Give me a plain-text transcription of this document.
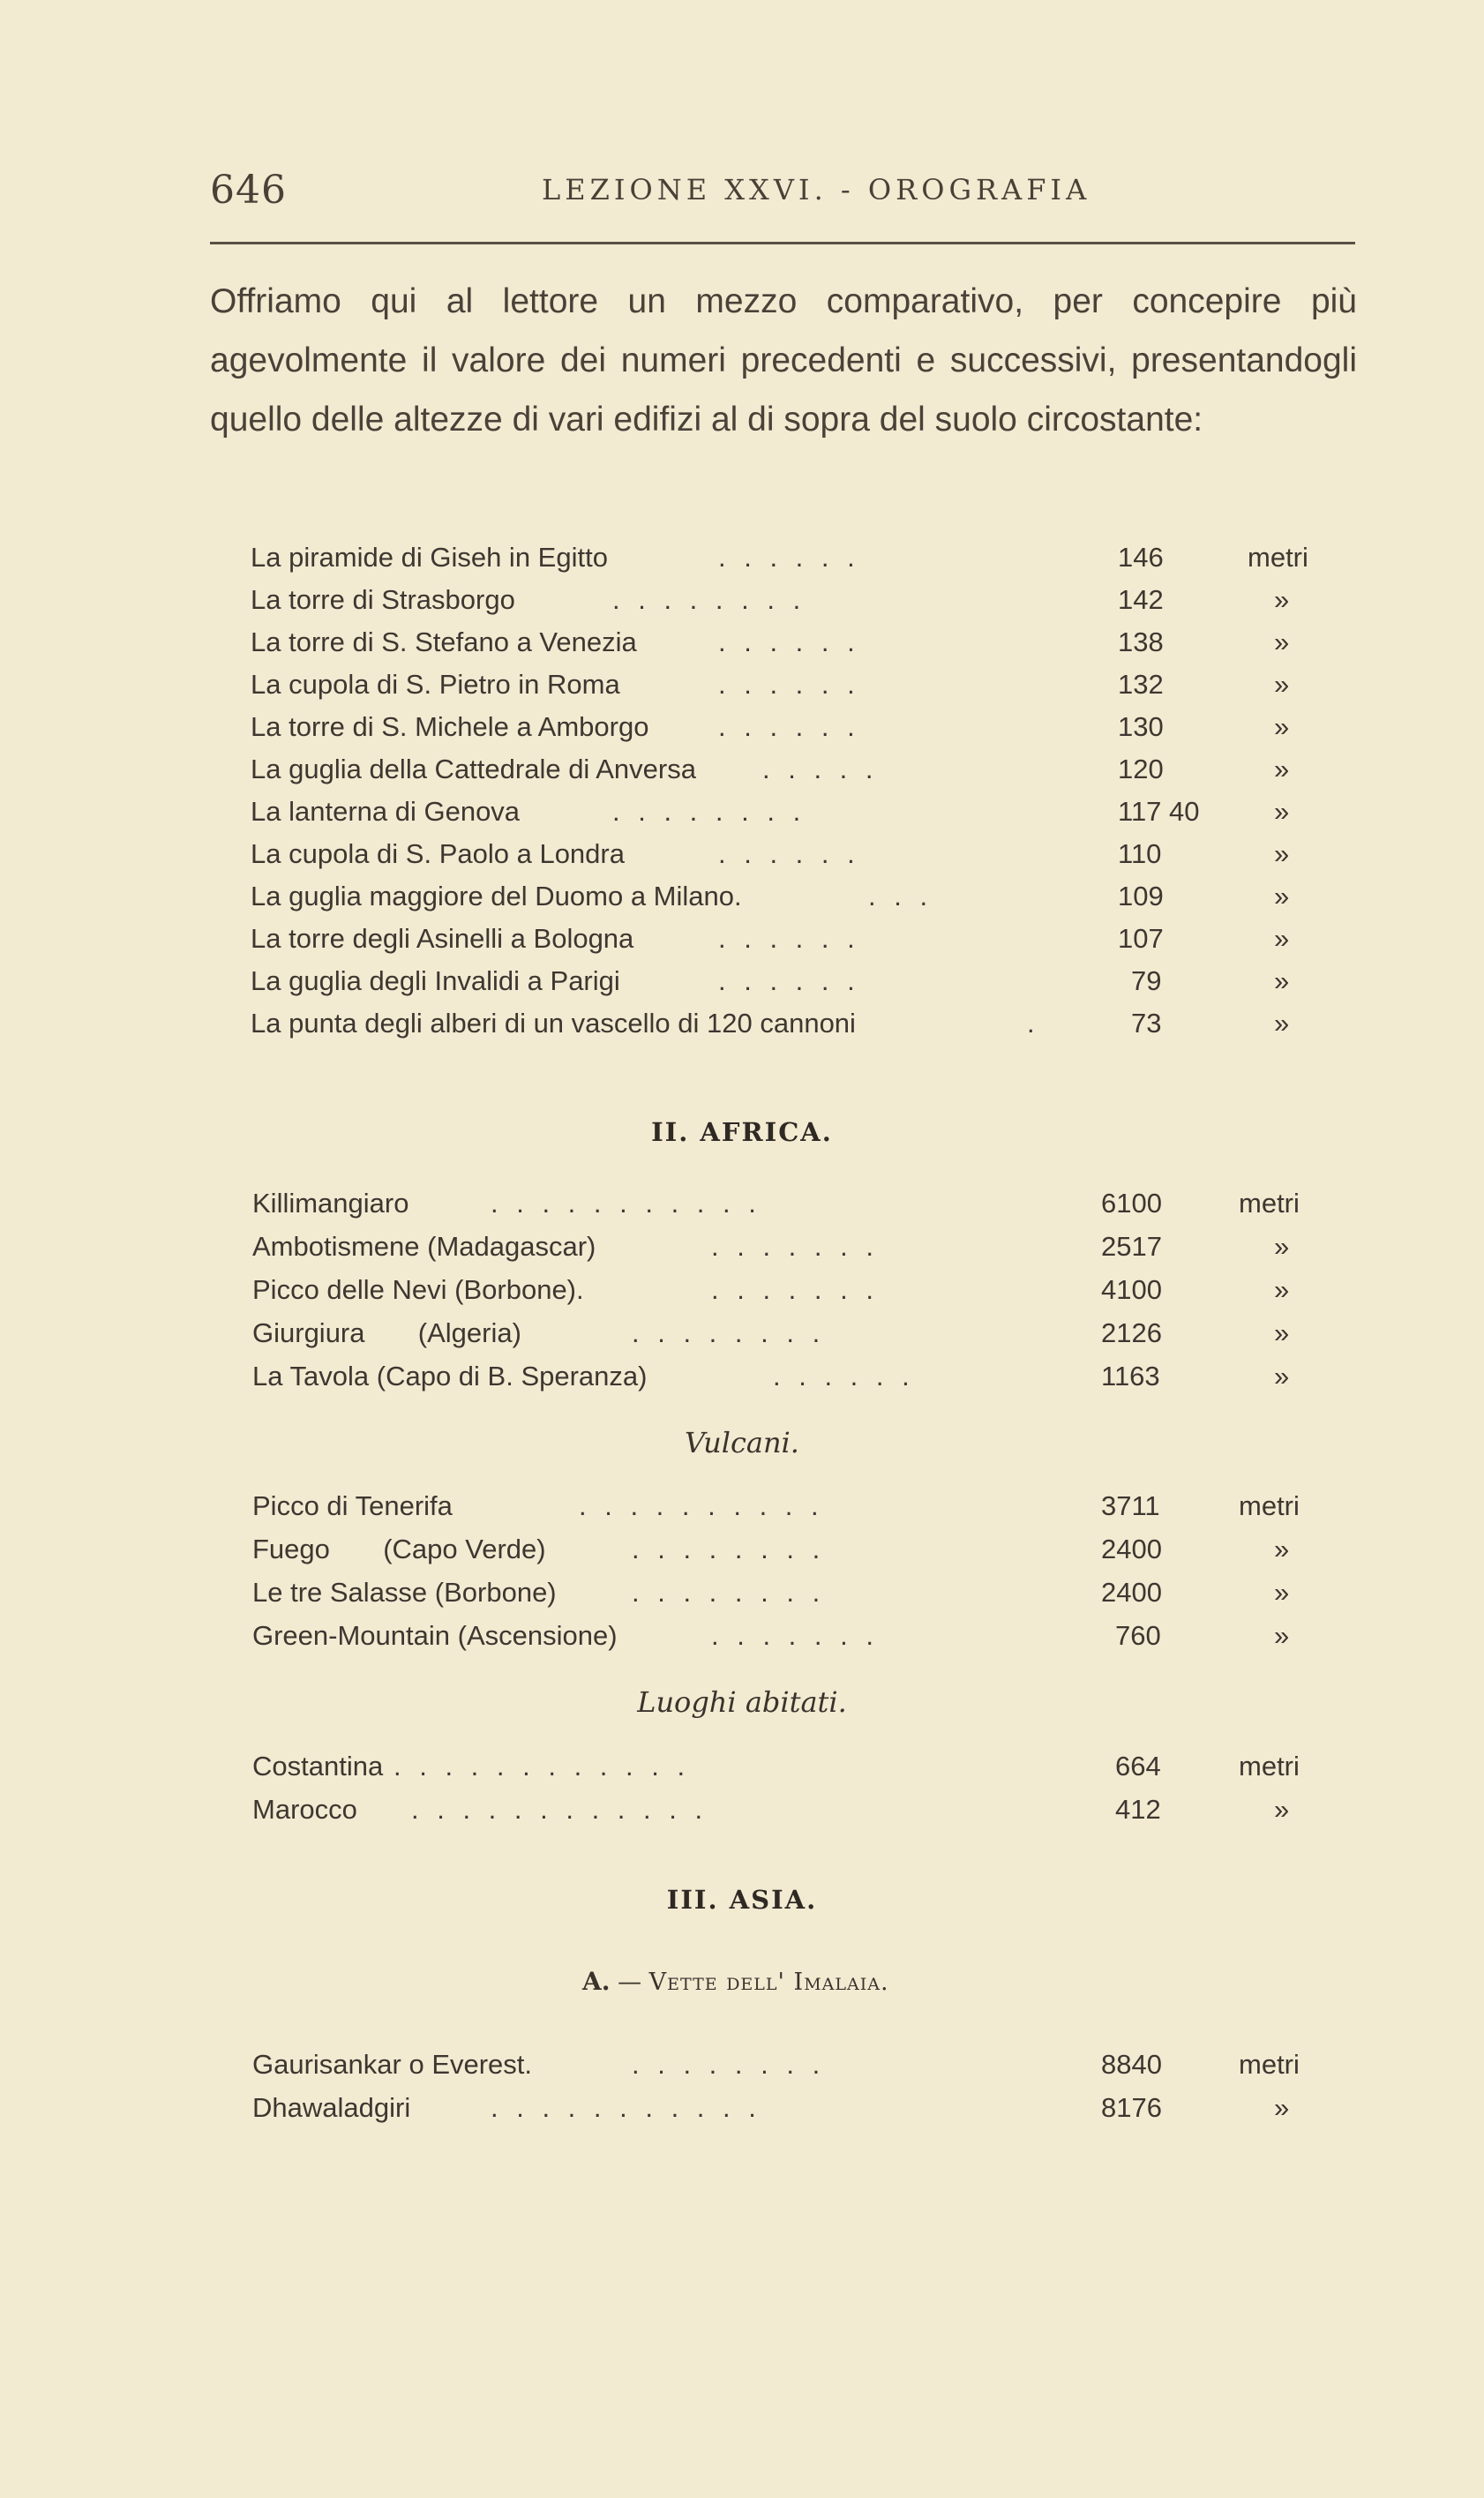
646	LEZIONE XXVI. - OROGRAFIA
Offriamo qui al lettore un mezzo comparativo, per concepire più agevolmente il valore dei numeri precedenti e successivi, presentandogli quello delle altezze di vari edifizi al di sopra del suolo circostante:
La piramide di Giseh in Egitto	. . . . . .	146	metri
La torre di Strasborgo	. . . . . . . .	142	»
La torre di S. Stefano a Venezia	. . . . . .	138	»
La cupola di S. Pietro in Roma	. . . . . .	132	»
La torre di S. Michele a Amborgo	. . . . . .	130	»
La guglia della Cattedrale di Anversa . . . . .	120	»
La lanterna di Genova	. . . . . . . .	117 40	»
La cupola di S. Paolo a Londra	. . . . . .	110	»
La guglia maggiore del Duomo a Milano.	. . .	109	»
La torre degli Asinelli a Bologna	. . . . . .	107	»
La guglia degli Invalidi a Parigi	. . . . . .	79	»
La punta degli alberi di un vascello di 120 cannoni	.	73	»
II. AFRICA.
Killimangiaro	. . . . . . . . . . .	6100	metri
Ambotismene (Madagascar)	. . . . . . .	2517	»
Picco delle Nevi (Borbone).	. . . . . . .	4100	»
Giurgiura       (Algeria)	. . . . . . . .	2126	»
La Tavola (Capo di B. Speranza)	. . . . . .	1163	»
Vulcani.
Picco di Tenerifa	. . . . . . . . . .	3711	metri
Fuego       (Capo Verde)	. . . . . . . .	2400	»
Le tre Salasse (Borbone)	. . . . . . . .	2400	»
Green-Mountain (Ascensione)	. . . . . . .	760	»
Luoghi abitati.
Costantina . . . . . . . . . . . .	664	metri
Marocco . . . . . . . . . . . .	412	»
III. ASIA.
A. — Vette dell' Imalaia.
Gaurisankar o Everest.	. . . . . . . .	8840	metri
Dhawaladgiri	. . . . . . . . . . .	8176	»
